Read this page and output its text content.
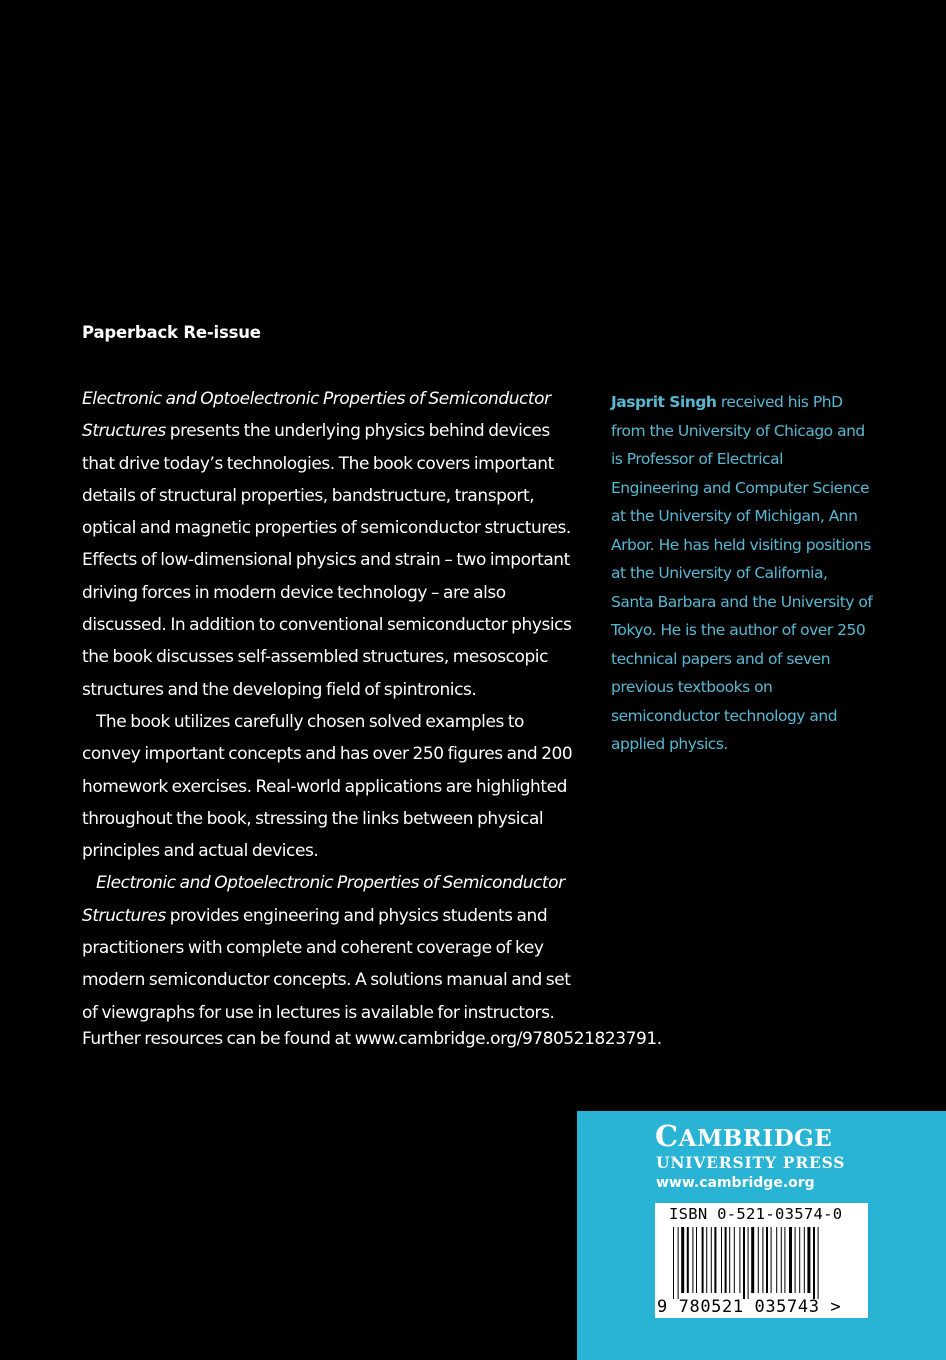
Paperback Re-issue

Electronic and Optoelectronic Properties of Semiconductor Structures presents the underlying physics behind devices that drive today’s technologies. The book covers important details of structural properties, bandstructure, transport, optical and magnetic properties of semiconductor structures. Effects of low-dimensional physics and strain – two important driving forces in modern device technology – are also discussed. In addition to conventional semiconductor physics the book discusses self-assembled structures, mesoscopic structures and the developing field of spintronics.

The book utilizes carefully chosen solved examples to convey important concepts and has over 250 figures and 200 homework exercises. Real-world applications are highlighted throughout the book, stressing the links between physical principles and actual devices.

Electronic and Optoelectronic Properties of Semiconductor Structures provides engineering and physics students and practitioners with complete and coherent coverage of key modern semiconductor concepts. A solutions manual and set of viewgraphs for use in lectures is available for instructors.

Jasprit Singh received his PhD from the University of Chicago and is Professor of Electrical Engineering and Computer Science at the University of Michigan, Ann Arbor. He has held visiting positions at the University of California, Santa Barbara and the University of Tokyo. He is the author of over 250 technical papers and of seven previous textbooks on semiconductor technology and applied physics.
Further resources can be found at www.cambridge.org/9780521823791.
CAMBRIDGE
UNIVERSITY PRESS
www.cambridge.org
ISBN 0-521-03574-0
9 780521 035743 >
